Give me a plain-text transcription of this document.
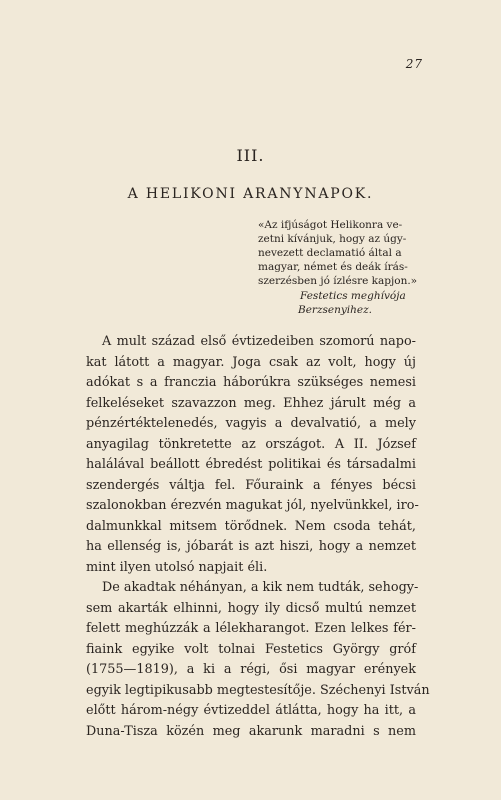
27
III.
A HELIKONI ARANYNAPOK.
«Az ifjúságot Helikonra ve-
zetni kívánjuk, hogy az úgy-
nevezett declamatió által a
magyar, német és deák írás-
szerzésben jó ízlésre kapjon.»
Festetics meghívója
Berzsenyihez.
A mult század első évtizedeiben szomorú napo-
kat látott a magyar. Joga csak az volt, hogy új
adókat s a franczia háborúkra szükséges nemesi
felkeléseket szavazzon meg. Ehhez járult még a
pénzértéktelenedés, vagyis a devalvatió, a mely
anyagilag tönkretette az országot. A II. József
halálával beállott ébredést politikai és társadalmi
szendergés váltja fel. Főuraink a fényes bécsi
szalonokban érezvén magukat jól, nyelvünkkel, iro-
dalmunkkal mitsem törődnek. Nem csoda tehát,
ha ellenség is, jóbarát is azt hiszi, hogy a nemzet
mint ilyen utolsó napjait éli.
De akadtak néhányan, a kik nem tudták, sehogy-
sem akarták elhinni, hogy ily dicső multú nemzet
felett meghúzzák a lélekharangot. Ezen lelkes fér-
fiaink egyike volt tolnai Festetics György gróf
(1755—1819), a ki a régi, ősi magyar erények
egyik legtipikusabb megtestesítője. Széchenyi István
előtt három-négy évtizeddel átlátta, hogy ha itt, a
Duna-Tisza közén meg akarunk maradni s nem
